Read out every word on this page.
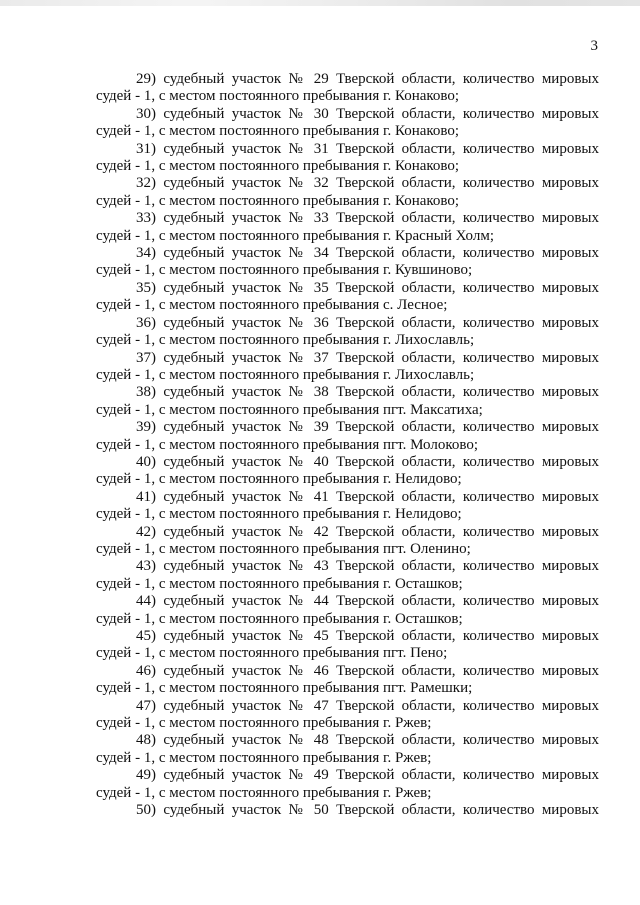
3

29) судебный участок № 29 Тверской области, количество мировых
судей - 1, с местом постоянного пребывания г. Конаково;

30) судебный участок № 30 Тверской области, количество мировых
судей - 1, с местом постоянного пребывания г. Конаково;

31) судебный участок № 31 Тверской области, количество мировых
судей - 1, с местом постоянного пребывания г. Конаково;

32) судебный участок № 32 Тверской области, количество мировых
судей - 1, с местом постоянного пребывания г. Конаково;

33) судебный участок № 33 Тверской области, количество мировых
судей - 1, с местом постоянного пребывания г. Красный Холм;

34) судебный участок № 34 Тверской области, количество мировых
судей - 1, с местом постоянного пребывания г. Кувшиново;

35) судебный участок № 35 Тверской области, количество мировых
судей - 1, с местом постоянного пребывания с. Лесное;

36) судебный участок № 36 Тверской области, количество мировых
судей - 1, с местом постоянного пребывания г. Лихославль;

37) судебный участок № 37 Тверской области, количество мировых
судей - 1, с местом постоянного пребывания г. Лихославль;

38) судебный участок № 38 Тверской области, количество мировых
судей - 1, с местом постоянного пребывания пгт. Максатиха;

39) судебный участок № 39 Тверской области, количество мировых
судей - 1, с местом постоянного пребывания пгт. Молоково;

40) судебный участок № 40 Тверской области, количество мировых
судей - 1, с местом постоянного пребывания г. Нелидово;

41) судебный участок № 41 Тверской области, количество мировых
судей - 1, с местом постоянного пребывания г. Нелидово;

42) судебный участок № 42 Тверской области, количество мировых
судей - 1, с местом постоянного пребывания пгт. Оленино;

43) судебный участок № 43 Тверской области, количество мировых
судей - 1, с местом постоянного пребывания г. Осташков;

44) судебный участок № 44 Тверской области, количество мировых
судей - 1, с местом постоянного пребывания г. Осташков;

45) судебный участок № 45 Тверской области, количество мировых
судей - 1, с местом постоянного пребывания пгт. Пено;

46) судебный участок № 46 Тверской области, количество мировых
судей - 1, с местом постоянного пребывания пгт. Рамешки;

47) судебный участок № 47 Тверской области, количество мировых
судей - 1, с местом постоянного пребывания г. Ржев;

48) судебный участок № 48 Тверской области, количество мировых
судей - 1, с местом постоянного пребывания г. Ржев;

49) судебный участок № 49 Тверской области, количество мировых
судей - 1, с местом постоянного пребывания г. Ржев;

50) судебный участок № 50 Тверской области, количество мировых
